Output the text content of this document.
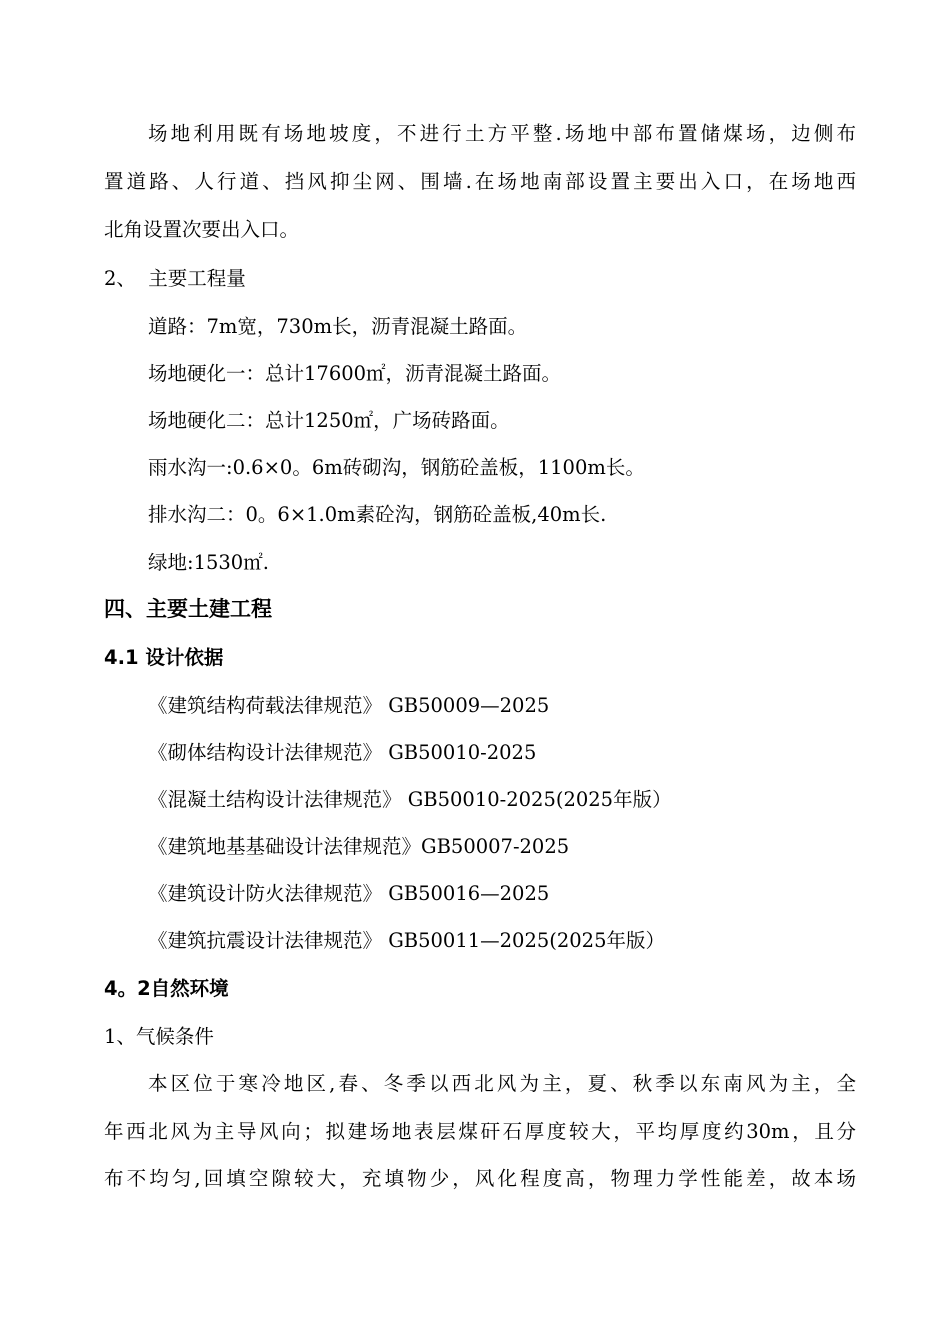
场地利用既有场地坡度，不进行土方平整.场地中部布置储煤场，边侧布
置道路、人行道、挡风抑尘网、围墙.在场地南部设置主要出入口，在场地西
北角设置次要出入口。
2、  主要工程量
道路：7m宽，730m长，沥青混凝土路面。
场地硬化一：总计17600㎡，沥青混凝土路面。
场地硬化二：总计1250㎡，广场砖路面。
雨水沟一:0.6×0。6m砖砌沟，钢筋砼盖板，1100m长。
排水沟二：0。6×1.0m素砼沟，钢筋砼盖板,40m长.
绿地:1530㎡.
四、主要土建工程
4.1 设计依据
《建筑结构荷载法律规范》 GB50009—2025
《砌体结构设计法律规范》 GB50010-2025
《混凝土结构设计法律规范》 GB50010-2025(2025年版）
《建筑地基基础设计法律规范》GB50007-2025
《建筑设计防火法律规范》 GB50016—2025
《建筑抗震设计法律规范》 GB50011—2025(2025年版）
4。2自然环境
1、气候条件
本区位于寒冷地区,春、冬季以西北风为主，夏、秋季以东南风为主，全
年西北风为主导风向；拟建场地表层煤矸石厚度较大，平均厚度约30m，且分
布不均匀,回填空隙较大，充填物少，风化程度高，物理力学性能差，故本场
